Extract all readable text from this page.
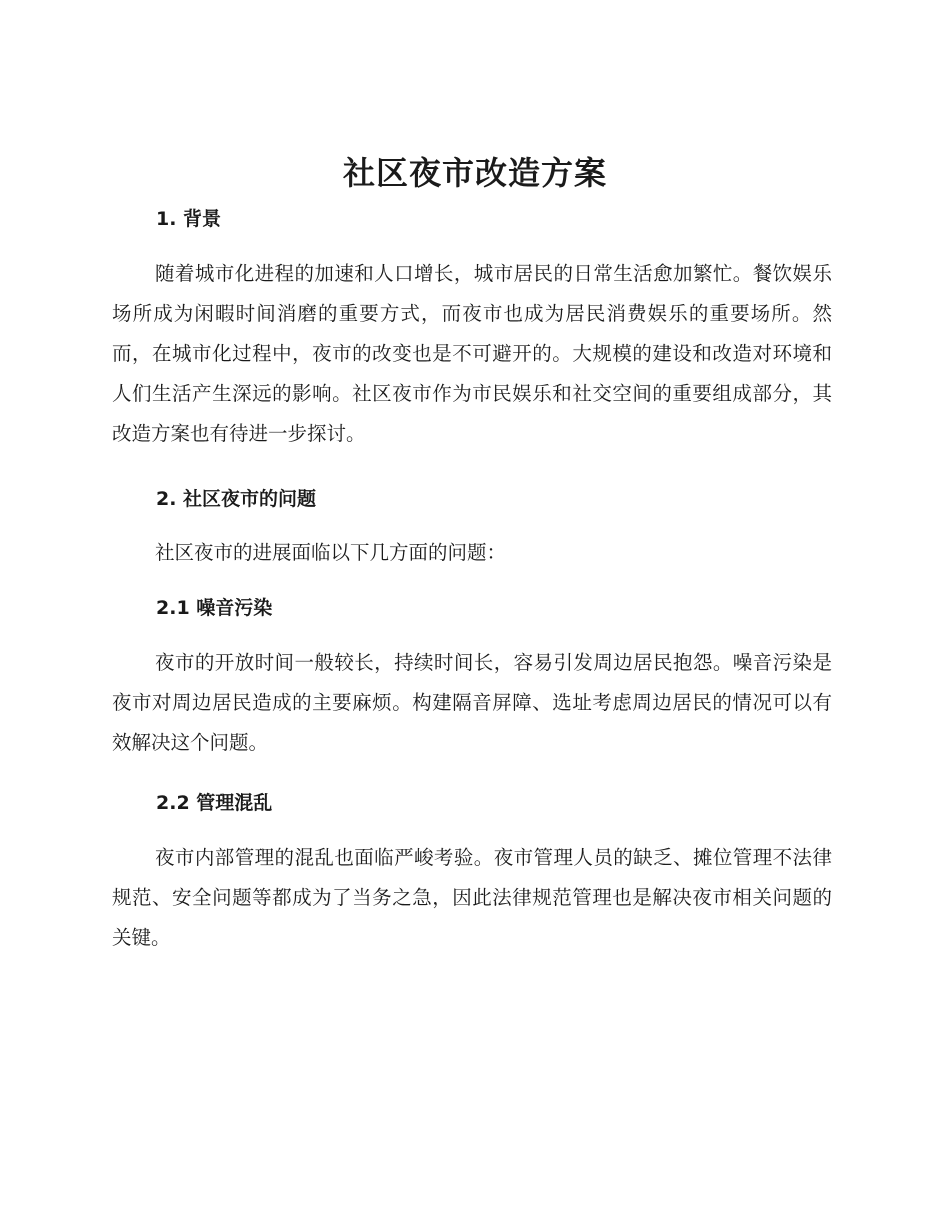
社区夜市改造方案
1. 背景

随着城市化进程的加速和人口增长，城市居民的日常生活愈加繁忙。餐饮娱乐场所成为闲暇时间消磨的重要方式，而夜市也成为居民消费娱乐的重要场所。然而，在城市化过程中，夜市的改变也是不可避开的。大规模的建设和改造对环境和人们生活产生深远的影响。社区夜市作为市民娱乐和社交空间的重要组成部分，其改造方案也有待进一步探讨。

2. 社区夜市的问题

社区夜市的进展面临以下几方面的问题：

2.1 噪音污染

夜市的开放时间一般较长，持续时间长，容易引发周边居民抱怨。噪音污染是夜市对周边居民造成的主要麻烦。构建隔音屏障、选址考虑周边居民的情况可以有效解决这个问题。

2.2 管理混乱

夜市内部管理的混乱也面临严峻考验。夜市管理人员的缺乏、摊位管理不法律规范、安全问题等都成为了当务之急，因此法律规范管理也是解决夜市相关问题的关键。
